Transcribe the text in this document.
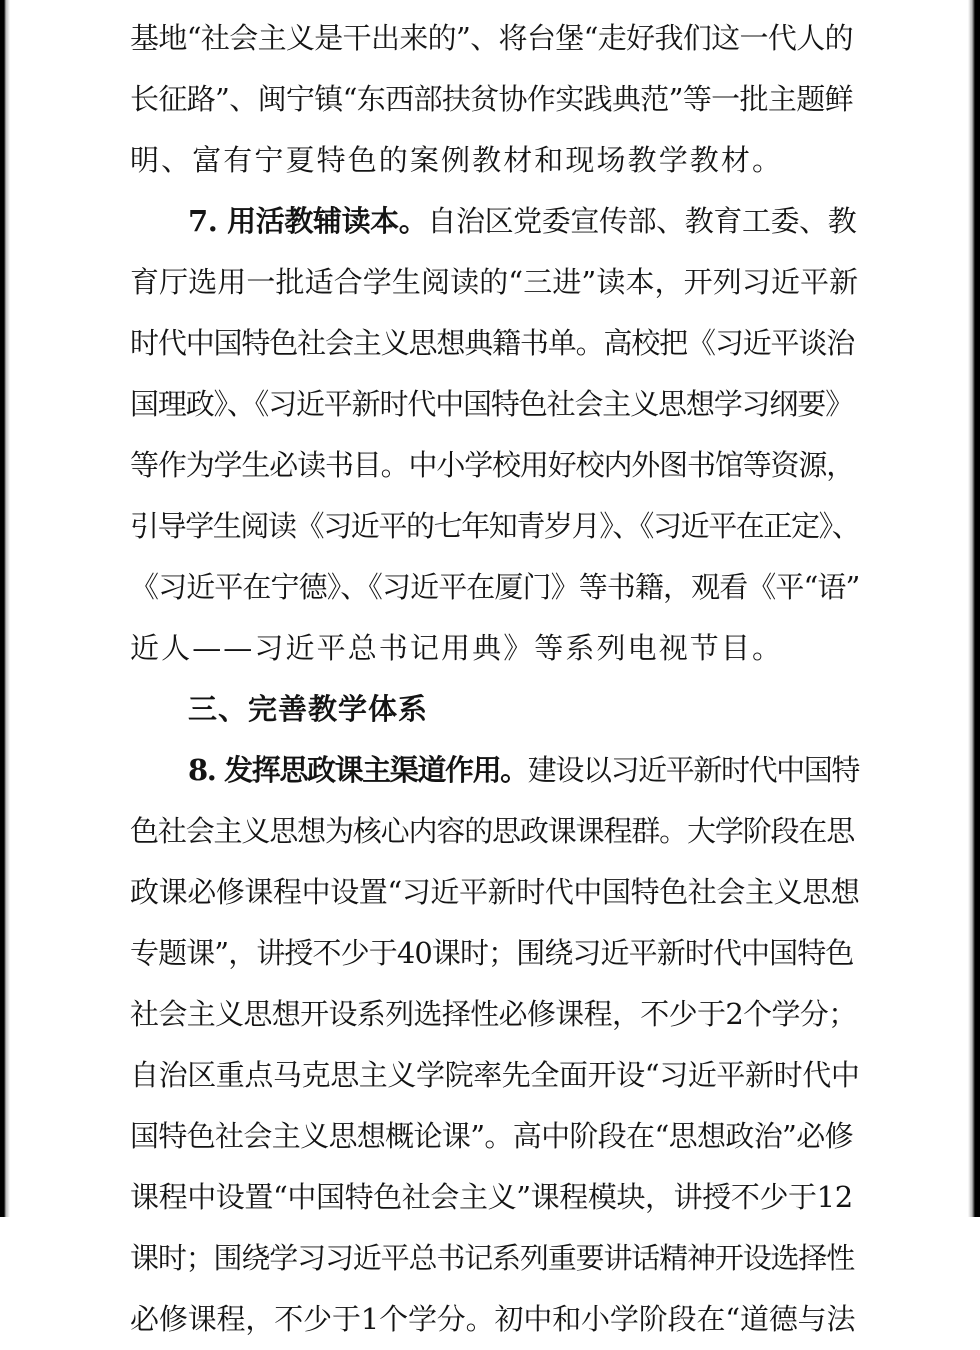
基地“社会主义是干出来的”、将台堡“走好我们这一代人的
长征路”、闽宁镇“东西部扶贫协作实践典范”等一批主题鲜
明、富有宁夏特色的案例教材和现场教学教材。
7. 用活教辅读本。自治区党委宣传部、教育工委、教
育厅选用一批适合学生阅读的“三进”读本，开列习近平新
时代中国特色社会主义思想典籍书单。高校把《习近平谈治
国理政》、《习近平新时代中国特色社会主义思想学习纲要》
等作为学生必读书目。中小学校用好校内外图书馆等资源，
引导学生阅读《习近平的七年知青岁月》、《习近平在正定》、
《习近平在宁德》、《习近平在厦门》等书籍，观看《平“语”
近人——习近平总书记用典》等系列电视节目。
三、完善教学体系
8. 发挥思政课主渠道作用。建设以习近平新时代中国特
色社会主义思想为核心内容的思政课课程群。大学阶段在思
政课必修课程中设置“习近平新时代中国特色社会主义思想
专题课”，讲授不少于40课时；围绕习近平新时代中国特色
社会主义思想开设系列选择性必修课程，不少于2个学分；
自治区重点马克思主义学院率先全面开设“习近平新时代中
国特色社会主义思想概论课”。高中阶段在“思想政治”必修
课程中设置“中国特色社会主义”课程模块，讲授不少于12
课时；围绕学习习近平总书记系列重要讲话精神开设选择性
必修课程，不少于1个学分。初中和小学阶段在“道德与法
